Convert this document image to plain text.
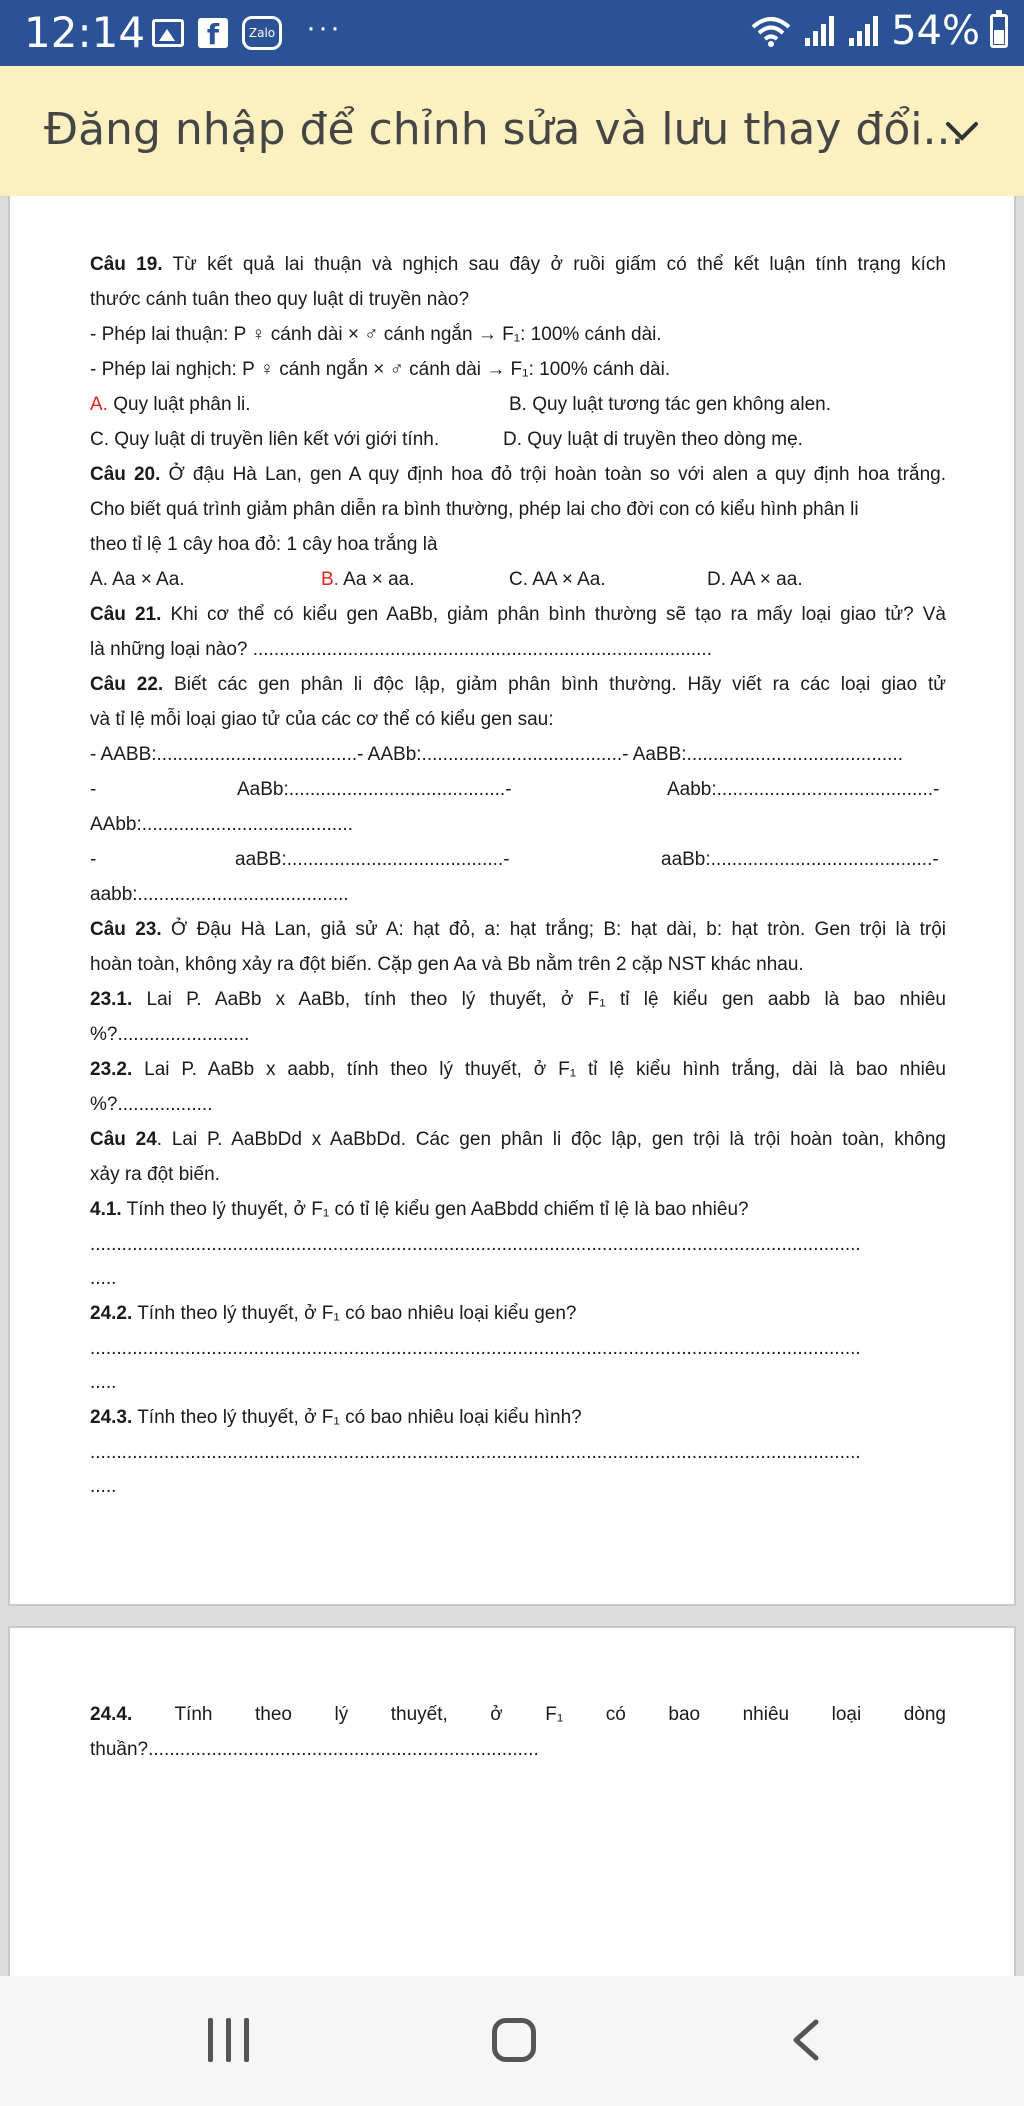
12:14	f	Zalo ···	54%
Đăng nhập để chỉnh sửa và lưu thay đổi...
Câu 19. Từ kết quả lai thuận và nghịch sau đây ở ruồi giấm có thể kết luận tính trạng kích
thước cánh tuân theo quy luật di truyền nào?
- Phép lai thuận: P ♀ cánh dài × ♂ cánh ngắn → F₁: 100% cánh dài.
- Phép lai nghịch: P ♀ cánh ngắn × ♂ cánh dài → F₁: 100% cánh dài.
A. Quy luật phân li.	B. Quy luật tương tác gen không alen.
C. Quy luật di truyền liên kết với giới tính.	D. Quy luật di truyền theo dòng mẹ.
Câu 20. Ở đậu Hà Lan, gen A quy định hoa đỏ trội hoàn toàn so với alen a quy định hoa trắng.
Cho biết quá trình giảm phân diễn ra bình thường, phép lai cho đời con có kiểu hình phân li
theo tỉ lệ 1 cây hoa đỏ: 1 cây hoa trắng là
A. Aa × Aa.	B. Aa × aa.	C. AA × Aa.	D. AA × aa.
Câu 21. Khi cơ thể có kiểu gen AaBb, giảm phân bình thường sẽ tạo ra mấy loại giao tử? Và
là những loại nào? .......................................................................................
Câu 22. Biết các gen phân li độc lập, giảm phân bình thường. Hãy viết ra các loại giao tử
và tỉ lệ mỗi loại giao tử của các cơ thể có kiểu gen sau:
- AABB:......................................- AABb:......................................- AaBB:.........................................
-	AaBb:.........................................-	Aabb:.........................................-
AAbb:........................................
-	aaBB:.........................................-	aaBb:..........................................-
aabb:........................................
Câu 23. Ở Đậu Hà Lan, giả sử A: hạt đỏ, a: hạt trắng; B: hạt dài, b: hạt tròn. Gen trội là trội
hoàn toàn, không xảy ra đột biến. Cặp gen Aa và Bb nằm trên 2 cặp NST khác nhau.
23.1. Lai P. AaBb x AaBb, tính theo lý thuyết, ở F₁ tỉ lệ kiểu gen aabb là bao nhiêu
%?.........................
23.2. Lai P. AaBb x aabb, tính theo lý thuyết, ở F₁ tỉ lệ kiểu hình trắng, dài là bao nhiêu
%?..................
Câu 24. Lai P. AaBbDd x AaBbDd. Các gen phân li độc lập, gen trội là trội hoàn toàn, không
xảy ra đột biến.
4.1. Tính theo lý thuyết, ở F₁ có tỉ lệ kiểu gen AaBbdd chiếm tỉ lệ là bao nhiêu?
..................................................................................................................................................
.....
24.2. Tính theo lý thuyết, ở F₁ có bao nhiêu loại kiểu gen?
..................................................................................................................................................
.....
24.3. Tính theo lý thuyết, ở F₁ có bao nhiêu loại kiểu hình?
..................................................................................................................................................
.....
24.4. Tính theo lý thuyết, ở F₁ có bao nhiêu loại dòng
thuần?..........................................................................
